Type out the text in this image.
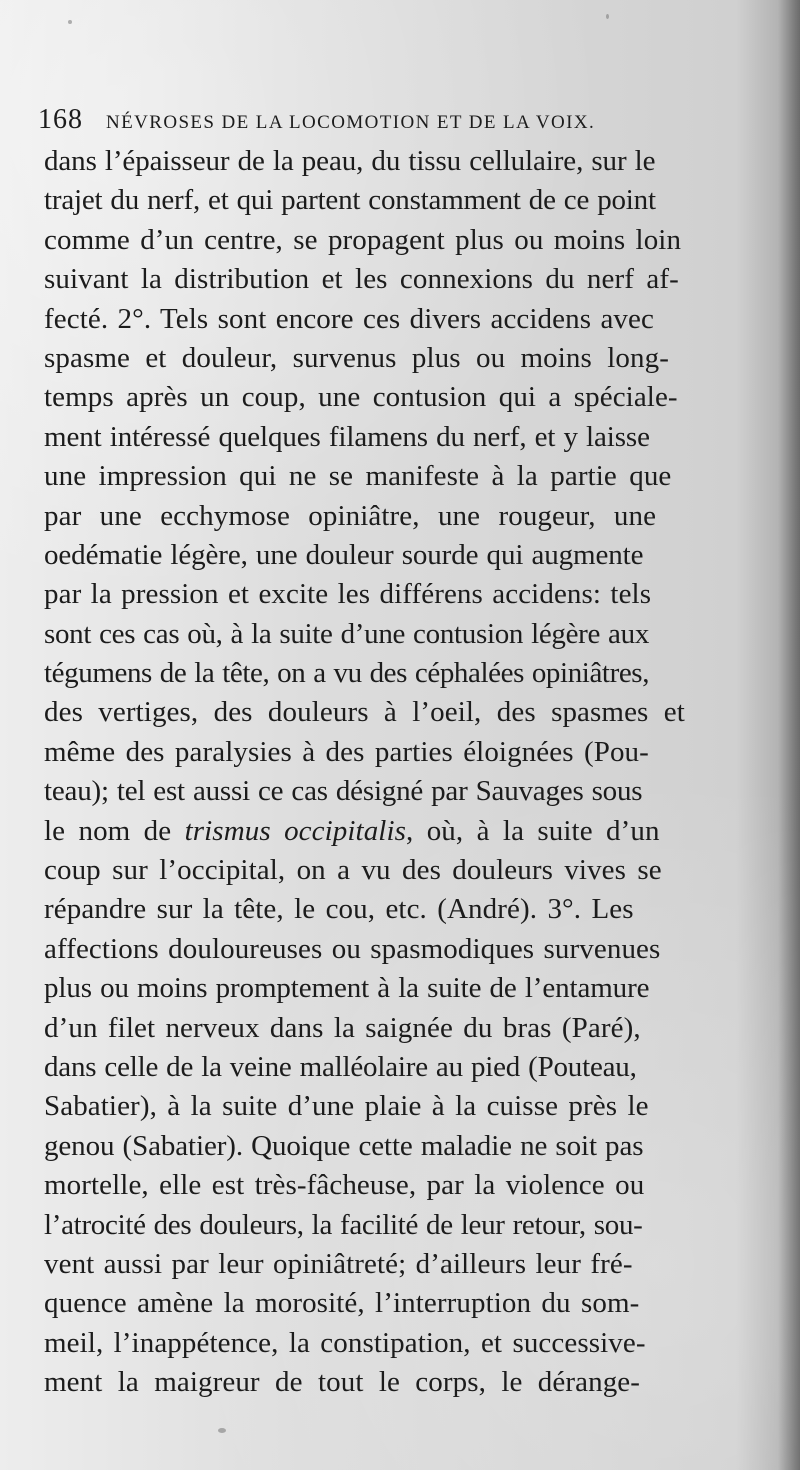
168	NÉVROSES DE LA LOCOMOTION ET DE LA VOIX.
dans l’épaisseur de la peau, du tissu cellulaire, sur le
trajet du nerf, et qui partent constamment de ce point
comme d’un centre, se propagent plus ou moins loin
suivant la distribution et les connexions du nerf af-
fecté. 2°. Tels sont encore ces divers accidens avec
spasme et douleur, survenus plus ou moins long-
temps après un coup, une contusion qui a spéciale-
ment intéressé quelques filamens du nerf, et y laisse
une impression qui ne se manifeste à la partie que
par une ecchymose opiniâtre, une rougeur, une
oedématie légère, une douleur sourde qui augmente
par la pression et excite les différens accidens: tels
sont ces cas où, à la suite d’une contusion légère aux
tégumens de la tête, on a vu des céphalées opiniâtres,
des vertiges, des douleurs à l’oeil, des spasmes et
même des paralysies à des parties éloignées (Pou-
teau); tel est aussi ce cas désigné par Sauvages sous
le nom de trismus occipitalis, où, à la suite d’un
coup sur l’occipital, on a vu des douleurs vives se
répandre sur la tête, le cou, etc. (André). 3°. Les
affections douloureuses ou spasmodiques survenues
plus ou moins promptement à la suite de l’entamure
d’un filet nerveux dans la saignée du bras (Paré),
dans celle de la veine malléolaire au pied (Pouteau,
Sabatier), à la suite d’une plaie à la cuisse près le
genou (Sabatier). Quoique cette maladie ne soit pas
mortelle, elle est très-fâcheuse, par la violence ou
l’atrocité des douleurs, la facilité de leur retour, sou-
vent aussi par leur opiniâtreté; d’ailleurs leur fré-
quence amène la morosité, l’interruption du som-
meil, l’inappétence, la constipation, et successive-
ment la maigreur de tout le corps, le dérange-
